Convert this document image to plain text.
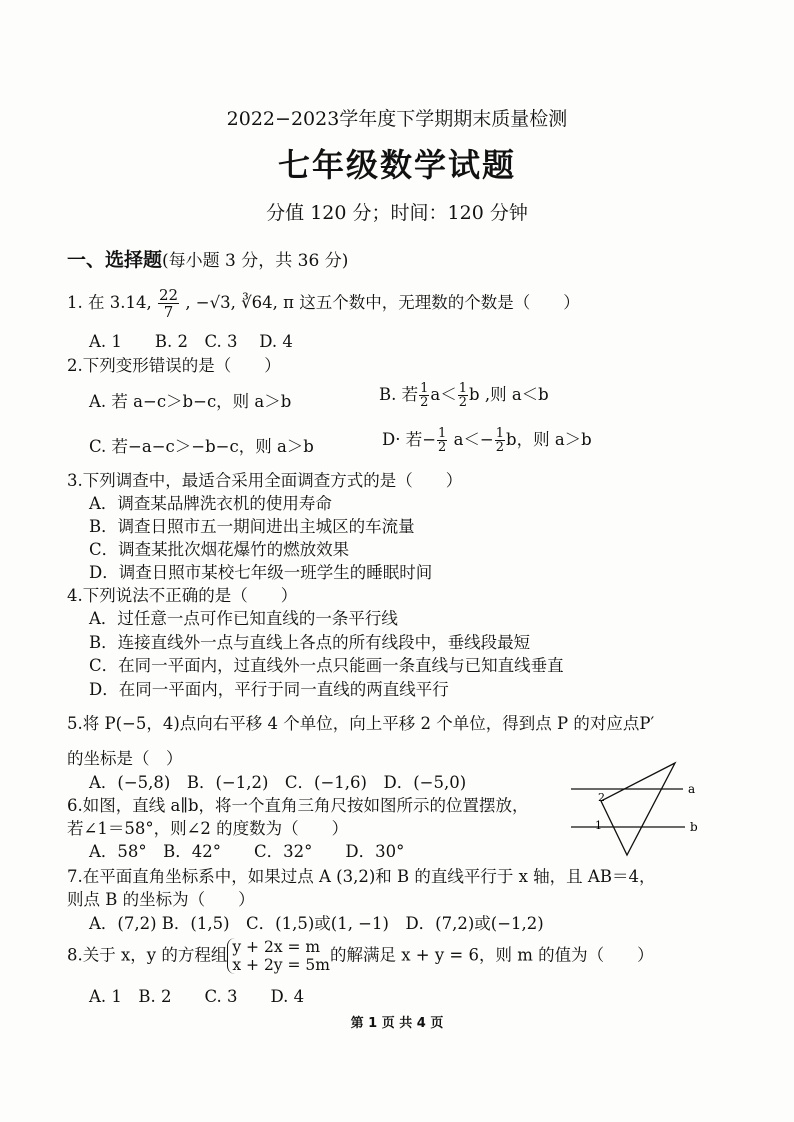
2022−2023学年度下学期期末质量检测
七年级数学试题
分值 120 分；时间：120 分钟
一、选择题(每小题 3 分，共 36 分)
1. 在 3.14, $\frac{22}{7}$ , −√3, ∛64, π 这五个数中，无理数的个数是（　　）
A. 1　　B. 2　C. 3　 D. 4
2.下列变形错误的是（　　）
A. 若 a−c＞b−c，则 a＞b	B. 若 $\frac{1}{2} a< \frac{1}{2}$ b ,则 a＜b
C. 若−a−c＞−b−c，则 a＞b	D· 若− $\frac{1}{2} a<- \frac{1}{2}$ b，则 a＞b
3.下列调查中，最适合采用全面调查方式的是（　　）
A．调查某品牌洗衣机的使用寿命
B．调查日照市五一期间进出主城区的车流量
C．调查某批次烟花爆竹的燃放效果
D．调查日照市某校七年级一班学生的睡眠时间
4.下列说法不正确的是（　　）
A．过任意一点可作已知直线的一条平行线
B．连接直线外一点与直线上各点的所有线段中，垂线段最短
C．在同一平面内，过直线外一点只能画一条直线与已知直线垂直
D．在同一平面内，平行于同一直线的两直线平行
5.将 P(−5，4)点向右平移 4 个单位，向上平移 2 个单位，得到点 P 的对应点P′
的坐标是（　）
A．(−5,8)　B．(−1,2)　C．(−1,6)　D．(−5,0)
6.如图，直线 a∥b，将一个直角三角尺按如图所示的位置摆放，
若∠1＝58°，则∠2 的度数为（　　）
A．58°　B．42°　　C．32°　　D．30°
a
b
2
1
7.在平面直角坐标系中，如果过点 A (3,2)和 B 的直线平行于 x 轴，且 AB＝4，
则点 B 的坐标为（　　）
A．(7,2) B．(1,5)　C．(1,5)或(1, −1)　D．(7,2)或(−1,2)
8.关于 x，y 的方程组 y + 2x = m
x + 2y = 5m
的解满足 x + y = 6，则 m 的值为（　　）
A. 1　B. 2　　C. 3　　D. 4
第 1 页 共 4 页
